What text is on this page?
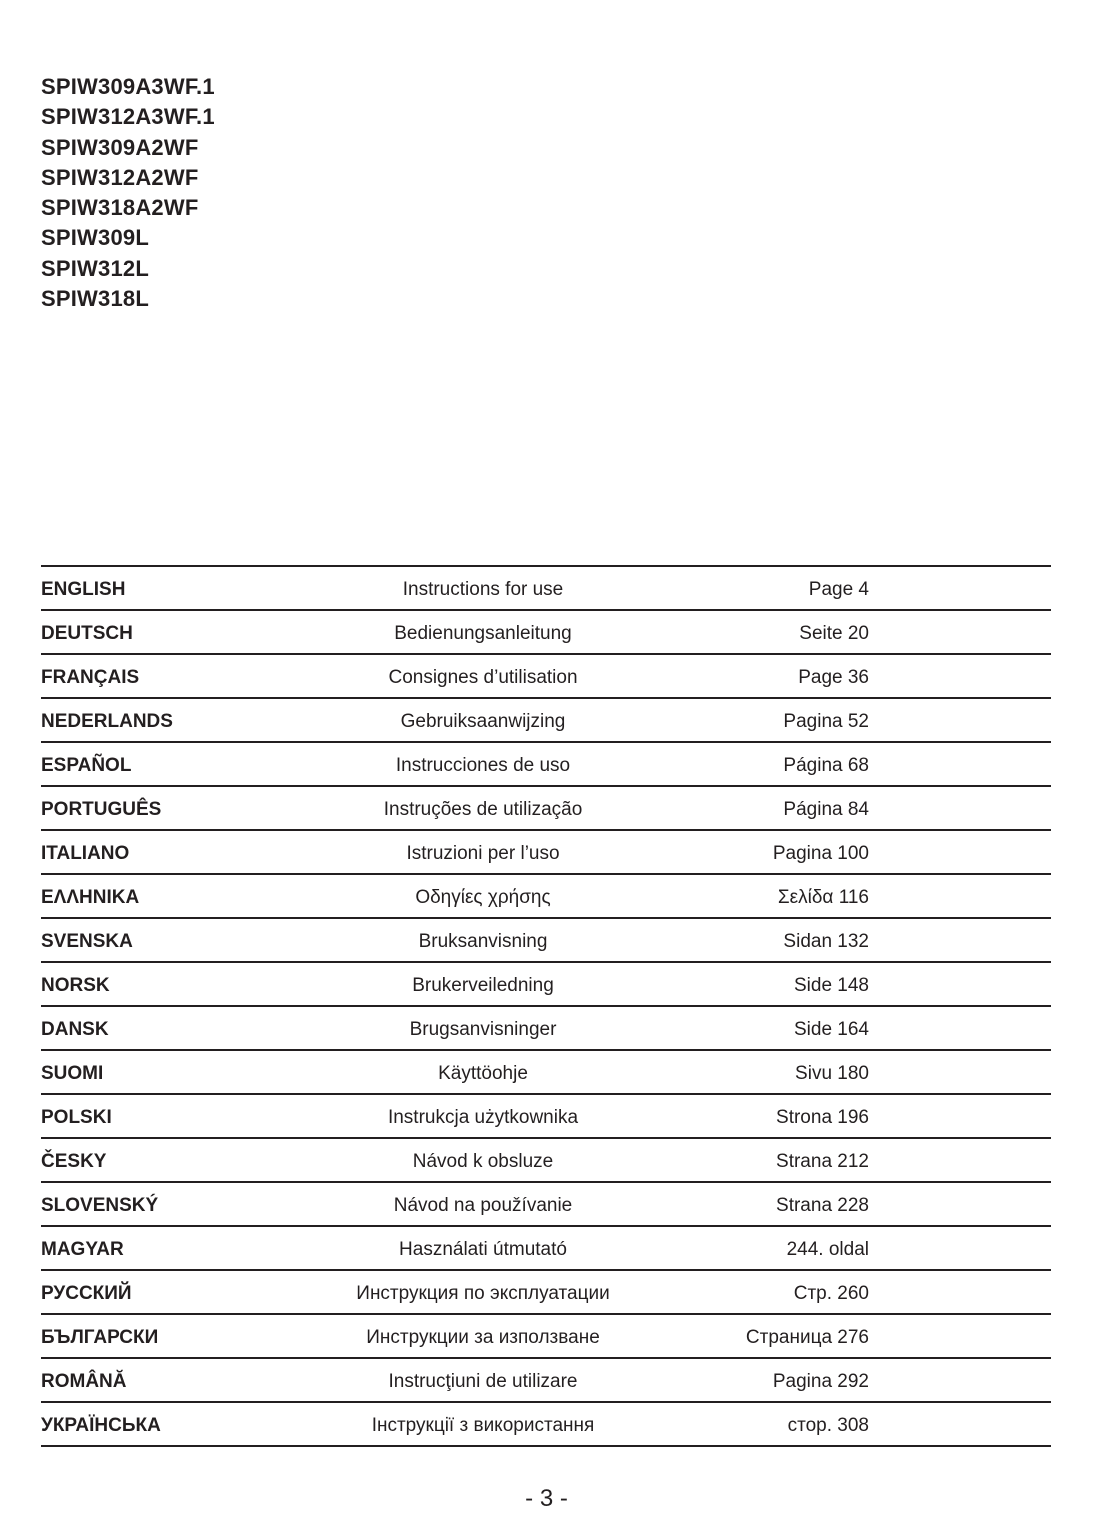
SPIW309A3WF.1
SPIW312A3WF.1
SPIW309A2WF
SPIW312A2WF
SPIW318A2WF
SPIW309L
SPIW312L
SPIW318L
ENGLISH	Instructions for use	Page 4
DEUTSCH	Bedienungsanleitung	Seite 20
FRANÇAIS	Consignes d’utilisation	Page 36
NEDERLANDS	Gebruiksaanwijzing	Pagina 52
ESPAÑOL	Instrucciones de uso	Página 68
PORTUGUÊS	Instruções de utilização	Página 84
ITALIANO	Istruzioni per l’uso	Pagina 100
ΕΛΛΗΝΙΚΑ	Οδηγίες χρήσης	Σελίδα 116
SVENSKA	Bruksanvisning	Sidan 132
NORSK	Brukerveiledning	Side 148
DANSK	Brugsanvisninger	Side 164
SUOMI	Käyttöohje	Sivu 180
POLSKI	Instrukcja użytkownika	Strona 196
ČESKY	Návod k obsluze	Strana 212
SLOVENSKÝ	Návod na používanie	Strana 228
MAGYAR	Használati útmutató	244. oldal
РУССКИЙ	Инструкция по эксплуатации	Стр. 260
БЪЛГАРСКИ	Инструкции за използване	Страница 276
ROMÂNĂ	Instrucţiuni de utilizare	Pagina 292
УКРАЇНСЬКА	Інструкції з використання	стор. 308
- 3 -
